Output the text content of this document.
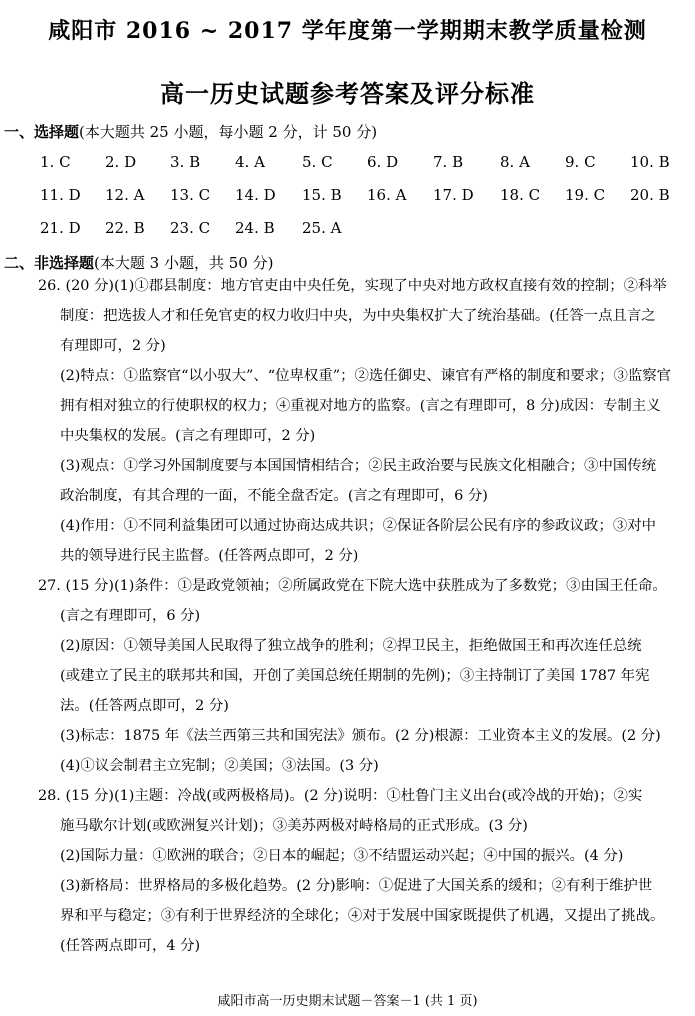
咸阳市 2016 ~ 2017 学年度第一学期期末教学质量检测
高一历史试题参考答案及评分标准
一、选择题(本大题共 25 小题，每小题 2 分，计 50 分)
1. C 2. D 3. B 4. A 5. C 6. D 7. B 8. A 9. C 10. B
11. D 12. A 13. C 14. D 15. B 16. A 17. D 18. C 19. C 20. B
21. D 22. B 23. C 24. B 25. A
二、非选择题(本大题 3 小题，共 50 分)
26. (20 分)(1)①郡县制度：地方官吏由中央任免，实现了中央对地方政权直接有效的控制；②科举
制度：把选拔人才和任免官吏的权力收归中央，为中央集权扩大了统治基础。(任答一点且言之
有理即可，2 分)
(2)特点：①监察官“以小驭大”、“位卑权重”；②选任御史、谏官有严格的制度和要求；③监察官
拥有相对独立的行使职权的权力；④重视对地方的监察。(言之有理即可，8 分)成因：专制主义
中央集权的发展。(言之有理即可，2 分)
(3)观点：①学习外国制度要与本国国情相结合；②民主政治要与民族文化相融合；③中国传统
政治制度，有其合理的一面，不能全盘否定。(言之有理即可，6 分)
(4)作用：①不同利益集团可以通过协商达成共识；②保证各阶层公民有序的参政议政；③对中
共的领导进行民主监督。(任答两点即可，2 分)
27. (15 分)(1)条件：①是政党领袖；②所属政党在下院大选中获胜成为了多数党；③由国王任命。
(言之有理即可，6 分)
(2)原因：①领导美国人民取得了独立战争的胜利；②捍卫民主，拒绝做国王和再次连任总统
(或建立了民主的联邦共和国，开创了美国总统任期制的先例)；③主持制订了美国 1787 年宪
法。(任答两点即可，2 分)
(3)标志：1875 年《法兰西第三共和国宪法》颁布。(2 分)根源：工业资本主义的发展。(2 分)
(4)①议会制君主立宪制；②美国；③法国。(3 分)
28. (15 分)(1)主题：冷战(或两极格局)。(2 分)说明：①杜鲁门主义出台(或冷战的开始)；②实
施马歇尔计划(或欧洲复兴计划)；③美苏两极对峙格局的正式形成。(3 分)
(2)国际力量：①欧洲的联合；②日本的崛起；③不结盟运动兴起；④中国的振兴。(4 分)
(3)新格局：世界格局的多极化趋势。(2 分)影响：①促进了大国关系的缓和；②有利于维护世
界和平与稳定；③有利于世界经济的全球化；④对于发展中国家既提供了机遇，又提出了挑战。
(任答两点即可，4 分)
咸阳市高一历史期末试题－答案－1 (共 1 页)
